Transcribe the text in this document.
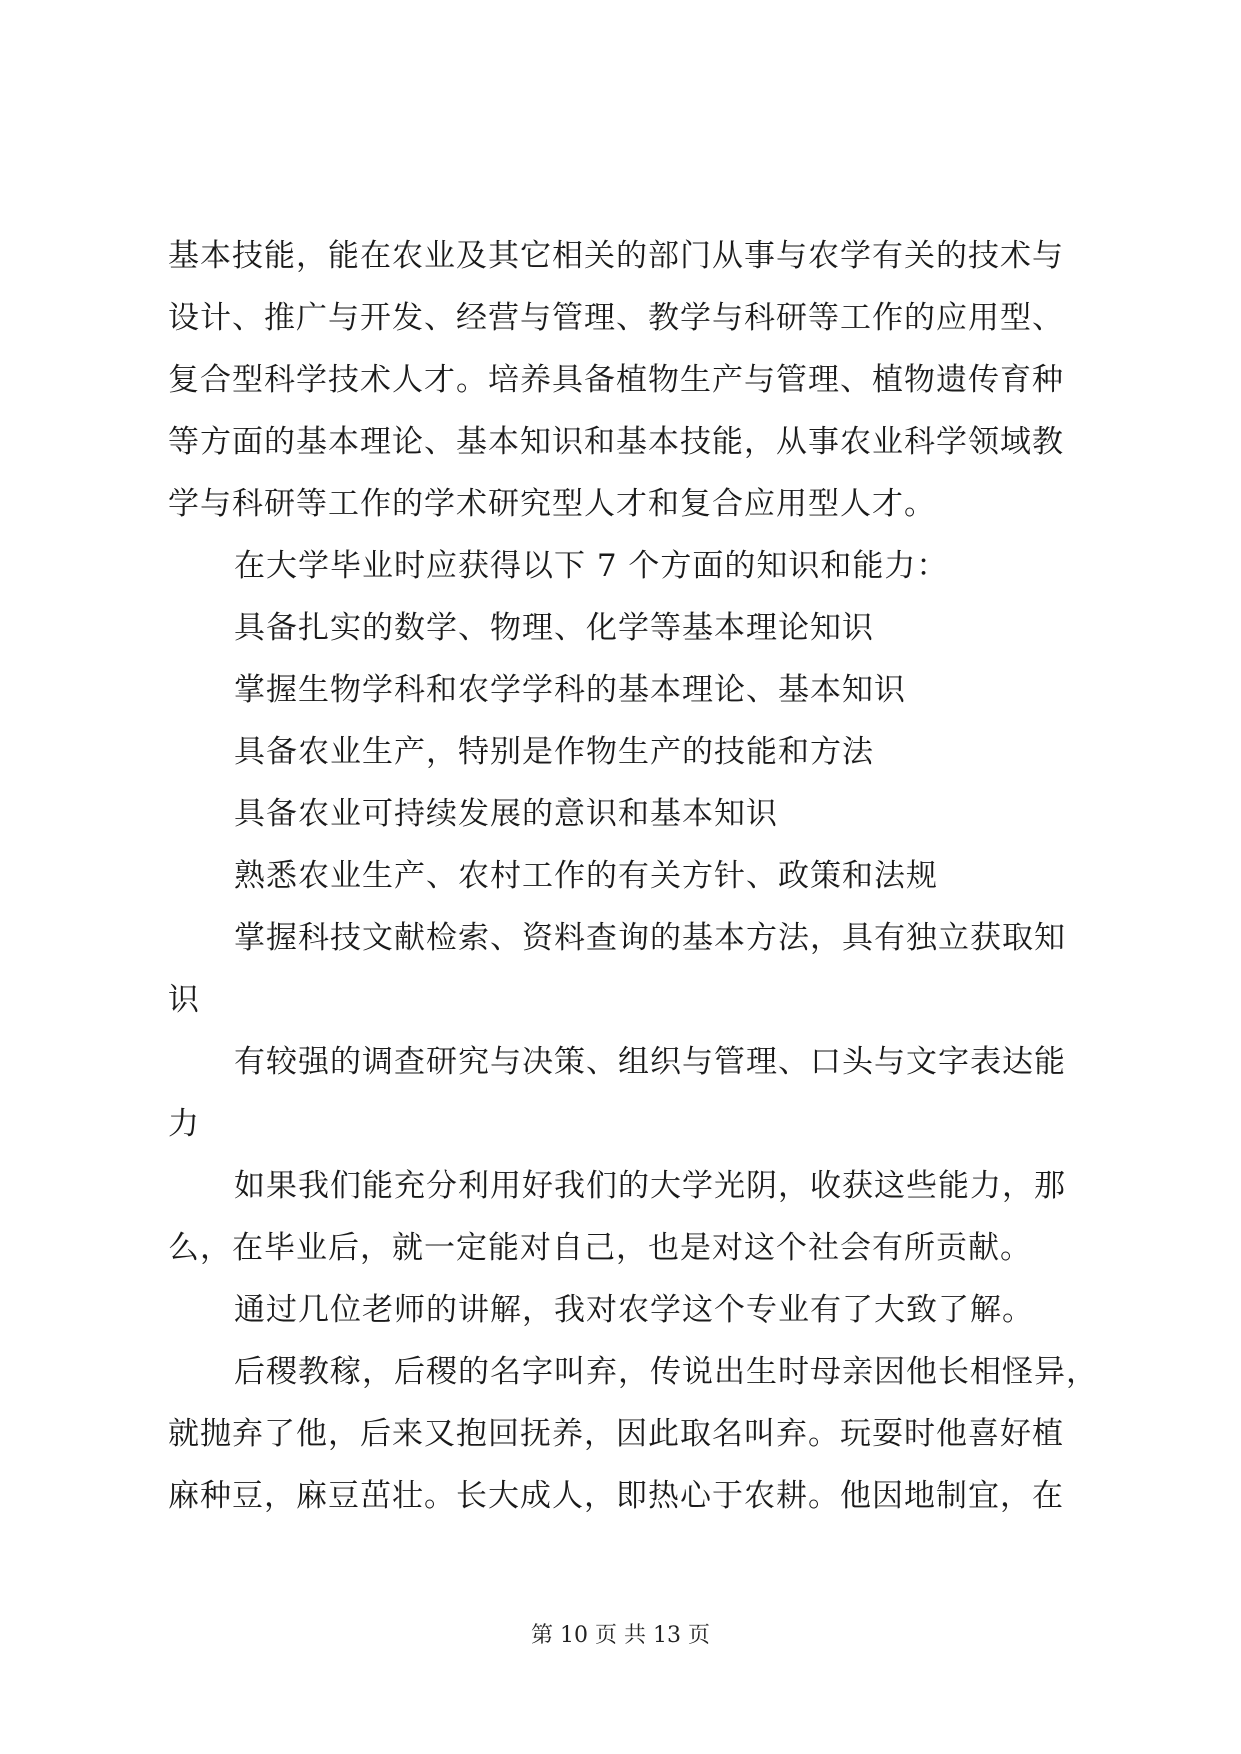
基本技能，能在农业及其它相关的部门从事与农学有关的技术与
设计、推广与开发、经营与管理、教学与科研等工作的应用型、
复合型科学技术人才。培养具备植物生产与管理、植物遗传育种
等方面的基本理论、基本知识和基本技能，从事农业科学领域教
学与科研等工作的学术研究型人才和复合应用型人才。
在大学毕业时应获得以下 7 个方面的知识和能力：
具备扎实的数学、物理、化学等基本理论知识
掌握生物学科和农学学科的基本理论、基本知识
具备农业生产，特别是作物生产的技能和方法
具备农业可持续发展的意识和基本知识
熟悉农业生产、农村工作的有关方针、政策和法规
掌握科技文献检索、资料查询的基本方法，具有独立获取知
识
有较强的调查研究与决策、组织与管理、口头与文字表达能
力
如果我们能充分利用好我们的大学光阴，收获这些能力，那
么，在毕业后，就一定能对自己，也是对这个社会有所贡献。
通过几位老师的讲解，我对农学这个专业有了大致了解。
后稷教稼，后稷的名字叫弃，传说出生时母亲因他长相怪异，
就抛弃了他，后来又抱回抚养，因此取名叫弃。玩耍时他喜好植
麻种豆，麻豆茁壮。长大成人，即热心于农耕。他因地制宜，在
第 10 页 共 13 页
